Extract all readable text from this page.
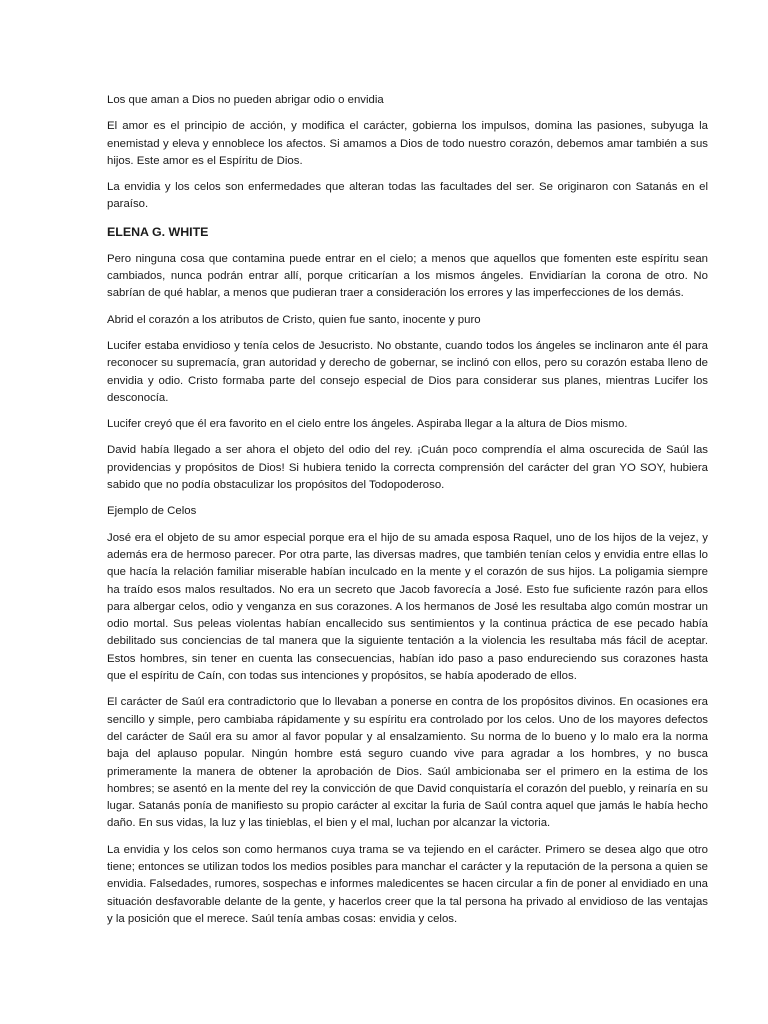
Los que aman a Dios no pueden abrigar odio o envidia

El amor es el principio de acción, y modifica el carácter, gobierna los impulsos, domina las pasiones, subyuga la enemistad y eleva y ennoblece los afectos. Si amamos a Dios de todo nuestro corazón, debemos amar también a sus hijos. Este amor es el Espíritu de Dios.

La envidia y los celos son enfermedades que alteran todas las facultades del ser. Se originaron con Satanás en el paraíso.

ELENA G. WHITE

Pero ninguna cosa que contamina puede entrar en el cielo; a menos que aquellos que fomenten este espíritu sean cambiados, nunca podrán entrar allí, porque criticarían a los mismos ángeles. Envidiarían la corona de otro. No sabrían de qué hablar, a menos que pudieran traer a consideración los errores y las imperfecciones de los demás.

Abrid el corazón a los atributos de Cristo, quien fue santo, inocente y puro

Lucifer estaba envidioso y tenía celos de Jesucristo. No obstante, cuando todos los ángeles se inclinaron ante él para reconocer su supremacía, gran autoridad y derecho de gobernar, se inclinó con ellos, pero su corazón estaba lleno de envidia y odio. Cristo formaba parte del consejo especial de Dios para considerar sus planes, mientras Lucifer los desconocía.

Lucifer creyó que él era favorito en el cielo entre los ángeles. Aspiraba llegar a la altura de Dios mismo.

David había llegado a ser ahora el objeto del odio del rey. ¡Cuán poco comprendía el alma oscurecida de Saúl las providencias y propósitos de Dios! Si hubiera tenido la correcta comprensión del carácter del gran YO SOY, hubiera sabido que no podía obstaculizar los propósitos del Todopoderoso.

Ejemplo de Celos

José era el objeto de su amor especial porque era el hijo de su amada esposa Raquel, uno de los hijos de la vejez, y además era de hermoso parecer. Por otra parte, las diversas madres, que también tenían celos y envidia entre ellas lo que hacía la relación familiar miserable habían inculcado en la mente y el corazón de sus hijos. La poligamia siempre ha traído esos malos resultados. No era un secreto que Jacob favorecía a José. Esto fue suficiente razón para ellos para albergar celos, odio y venganza en sus corazones. A los hermanos de José les resultaba algo común mostrar un odio mortal. Sus peleas violentas habían encallecido sus sentimientos y la continua práctica de ese pecado había debilitado sus conciencias de tal manera que la siguiente tentación a la violencia les resultaba más fácil de aceptar. Estos hombres, sin tener en cuenta las consecuencias, habían ido paso a paso endureciendo sus corazones hasta que el espíritu de Caín, con todas sus intenciones y propósitos, se había apoderado de ellos.

El carácter de Saúl era contradictorio que lo llevaban a ponerse en contra de los propósitos divinos. En ocasiones era sencillo y simple, pero cambiaba rápidamente y su espíritu era controlado por los celos. Uno de los mayores defectos del carácter de Saúl era su amor al favor popular y al ensalzamiento. Su norma de lo bueno y lo malo era la norma baja del aplauso popular. Ningún hombre está seguro cuando vive para agradar a los hombres, y no busca primeramente la manera de obtener la aprobación de Dios. Saúl ambicionaba ser el primero en la estima de los hombres; se asentó en la mente del rey la convicción de que David conquistaría el corazón del pueblo, y reinaría en su lugar. Satanás ponía de manifiesto su propio carácter al excitar la furia de Saúl contra aquel que jamás le había hecho daño. En sus vidas, la luz y las tinieblas, el bien y el mal, luchan por alcanzar la victoria.

La envidia y los celos son como hermanos cuya trama se va tejiendo en el carácter. Primero se desea algo que otro tiene; entonces se utilizan todos los medios posibles para manchar el carácter y la reputación de la persona a quien se envidia. Falsedades, rumores, sospechas e informes maledicentes se hacen circular a fin de poner al envidiado en una situación desfavorable delante de la gente, y hacerlos creer que la tal persona ha privado al envidioso de las ventajas y la posición que el merece. Saúl tenía ambas cosas: envidia y celos.
